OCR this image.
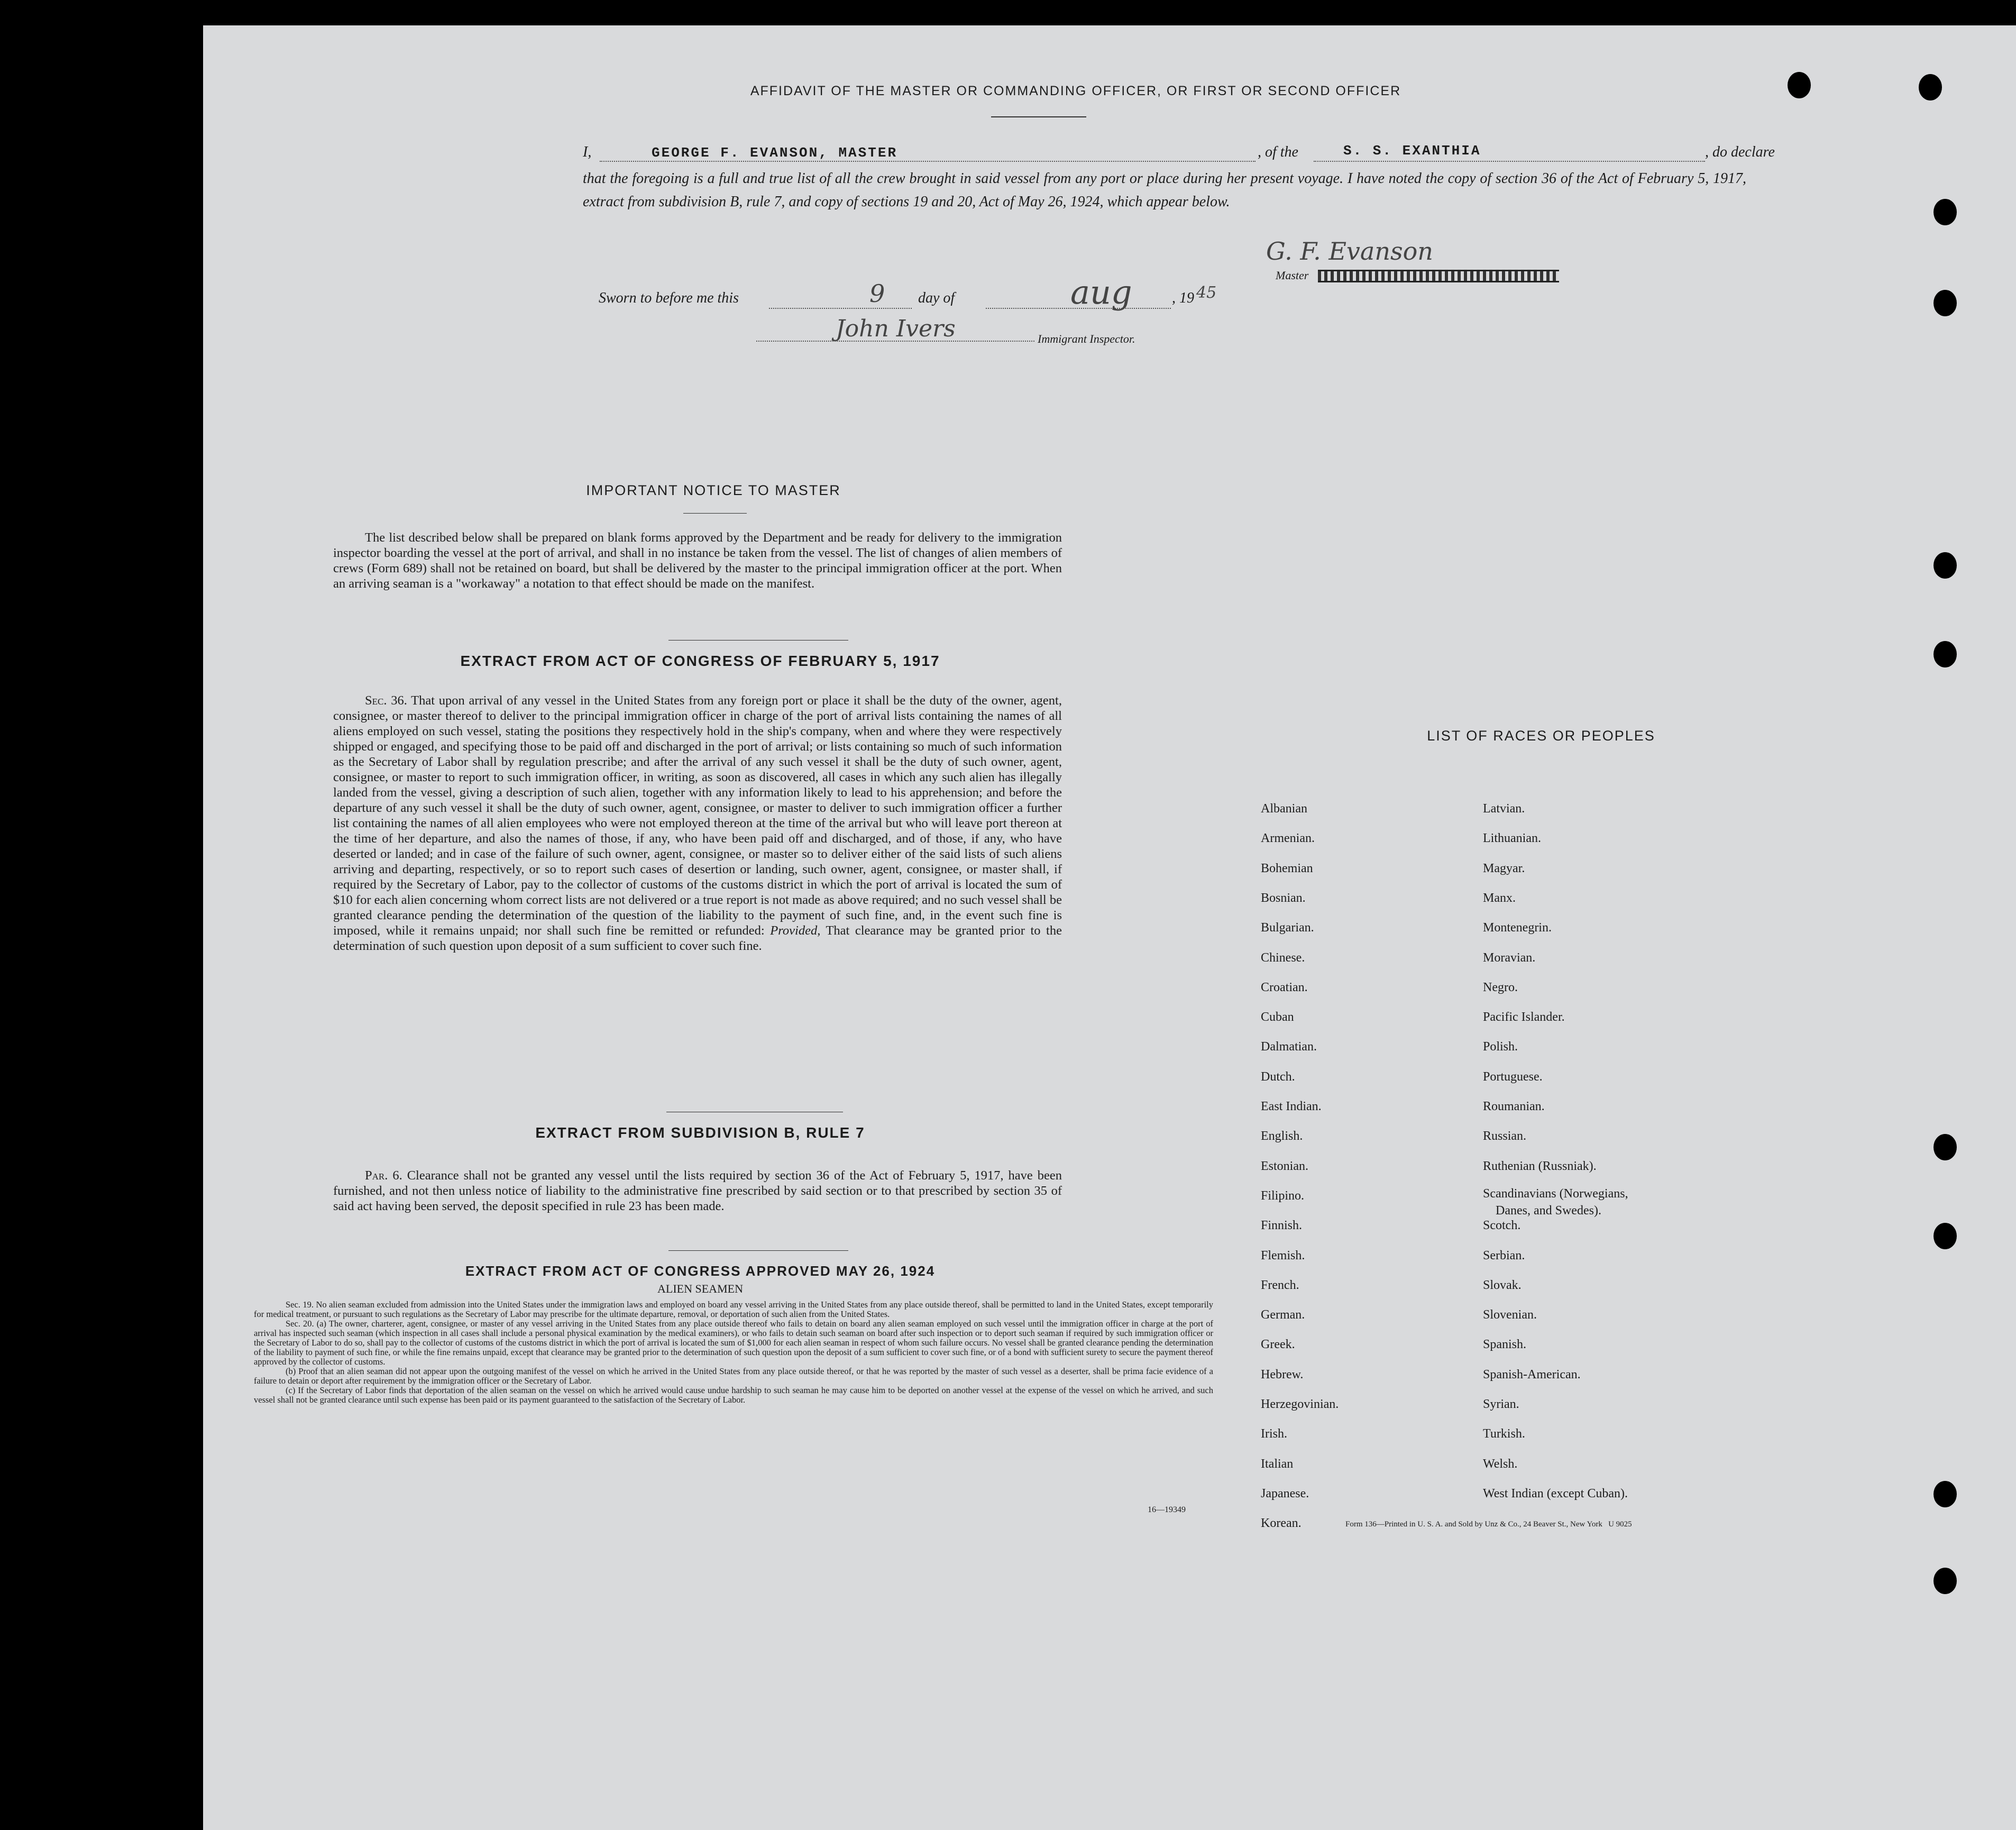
AFFIDAVIT OF THE MASTER OR COMMANDING OFFICER, OR FIRST OR SECOND OFFICER
I,	GEORGE F. EVANSON, MASTER	, of the	S. S. EXANTHIA	, do declare
that the foregoing is a full and true list of all the crew brought in said vessel from any port or place during her present voyage. I have noted the copy of section 36 of the Act of February 5, 1917, extract from subdivision B, rule 7, and copy of sections 19 and 20, Act of May 26, 1924, which appear below.
G. F. Evanson
Master
Sworn to before me this	9 day of	aug	, 19 45
John Ivers	Immigrant Inspector.
IMPORTANT NOTICE TO MASTER
The list described below shall be prepared on blank forms approved by the Department and be ready for delivery to the immigration inspector boarding the vessel at the port of arrival, and shall in no instance be taken from the vessel. The list of changes of alien members of crews (Form 689) shall not be retained on board, but shall be delivered by the master to the principal immigration officer at the port. When an arriving seaman is a "workaway" a notation to that effect should be made on the manifest.
EXTRACT FROM ACT OF CONGRESS OF FEBRUARY 5, 1917
Sec. 36. That upon arrival of any vessel in the United States from any foreign port or place it shall be the duty of the owner, agent, consignee, or master thereof to deliver to the principal immigration officer in charge of the port of arrival lists containing the names of all aliens employed on such vessel, stating the positions they respectively hold in the ship's company, when and where they were respectively shipped or engaged, and specifying those to be paid off and discharged in the port of arrival; or lists containing so much of such information as the Secretary of Labor shall by regulation prescribe; and after the arrival of any such vessel it shall be the duty of such owner, agent, consignee, or master to report to such immigration officer, in writing, as soon as discovered, all cases in which any such alien has illegally landed from the vessel, giving a description of such alien, together with any information likely to lead to his apprehension; and before the departure of any such vessel it shall be the duty of such owner, agent, consignee, or master to deliver to such immigration officer a further list containing the names of all alien employees who were not employed thereon at the time of the arrival but who will leave port thereon at the time of her departure, and also the names of those, if any, who have been paid off and discharged, and of those, if any, who have deserted or landed; and in case of the failure of such owner, agent, consignee, or master so to deliver either of the said lists of such aliens arriving and departing, respectively, or so to report such cases of desertion or landing, such owner, agent, consignee, or master shall, if required by the Secretary of Labor, pay to the collector of customs of the customs district in which the port of arrival is located the sum of $10 for each alien concerning whom correct lists are not delivered or a true report is not made as above required; and no such vessel shall be granted clearance pending the determination of the question of the liability to the payment of such fine, and, in the event such fine is imposed, while it remains unpaid; nor shall such fine be remitted or refunded: Provided, That clearance may be granted prior to the determination of such question upon deposit of a sum sufficient to cover such fine.
EXTRACT FROM SUBDIVISION B, RULE 7
Par. 6. Clearance shall not be granted any vessel until the lists required by section 36 of the Act of February 5, 1917, have been furnished, and not then unless notice of liability to the administrative fine prescribed by said section or to that prescribed by section 35 of said act having been served, the deposit specified in rule 23 has been made.
EXTRACT FROM ACT OF CONGRESS APPROVED MAY 26, 1924
ALIEN SEAMEN
Sec. 19. No alien seaman excluded from admission into the United States under the immigration laws and employed on board any vessel arriving in the United States from any place outside thereof, shall be permitted to land in the United States, except temporarily for medical treatment, or pursuant to such regulations as the Secretary of Labor may prescribe for the ultimate departure, removal, or deportation of such alien from the United States.
Sec. 20. (a) The owner, charterer, agent, consignee, or master of any vessel arriving in the United States from any place outside thereof who fails to detain on board any alien seaman employed on such vessel until the immigration officer in charge at the port of arrival has inspected such seaman (which inspection in all cases shall include a personal physical examination by the medical examiners), or who fails to detain such seaman on board after such inspection or to deport such seaman if required by such immigration officer or the Secretary of Labor to do so, shall pay to the collector of customs of the customs district in which the port of arrival is located the sum of $1,000 for each alien seaman in respect of whom such failure occurs. No vessel shall be granted clearance pending the determination of the liability to payment of such fine, or while the fine remains unpaid, except that clearance may be granted prior to the determination of such question upon the deposit of a sum sufficient to cover such fine, or of a bond with sufficient surety to secure the payment thereof approved by the collector of customs.
(b) Proof that an alien seaman did not appear upon the outgoing manifest of the vessel on which he arrived in the United States from any place outside thereof, or that he was reported by the master of such vessel as a deserter, shall be prima facie evidence of a failure to detain or deport after requirement by the immigration officer or the Secretary of Labor.
(c) If the Secretary of Labor finds that deportation of the alien seaman on the vessel on which he arrived would cause undue hardship to such seaman he may cause him to be deported on another vessel at the expense of the vessel on which he arrived, and such vessel shall not be granted clearance until such expense has been paid or its payment guaranteed to the satisfaction of the Secretary of Labor.
16—19349
LIST OF RACES OR PEOPLES
Form 136—Printed in U. S. A. and Sold by Unz & Co., 24 Beaver St., New York   U 9025
Albanian
Armenian.
Bohemian
Bosnian.
Bulgarian.
Chinese.
Croatian.
Cuban
Dalmatian.
Dutch.
East Indian.
English.
Estonian.
Filipino.
Finnish.
Flemish.
French.
German.
Greek.
Hebrew.
Herzegovinian.
Irish.
Italian
Japanese.
Korean.
Latvian.
Lithuanian.
Magyar.
Manx.
Montenegrin.
Moravian.
Negro.
Pacific Islander.
Polish.
Portuguese.
Roumanian.
Russian.
Ruthenian (Russniak).
Scandinavians (Norwegians,
Danes, and Swedes).
Scotch.
Serbian.
Slovak.
Slovenian.
Spanish.
Spanish-American.
Syrian.
Turkish.
Welsh.
West Indian (except Cuban).
